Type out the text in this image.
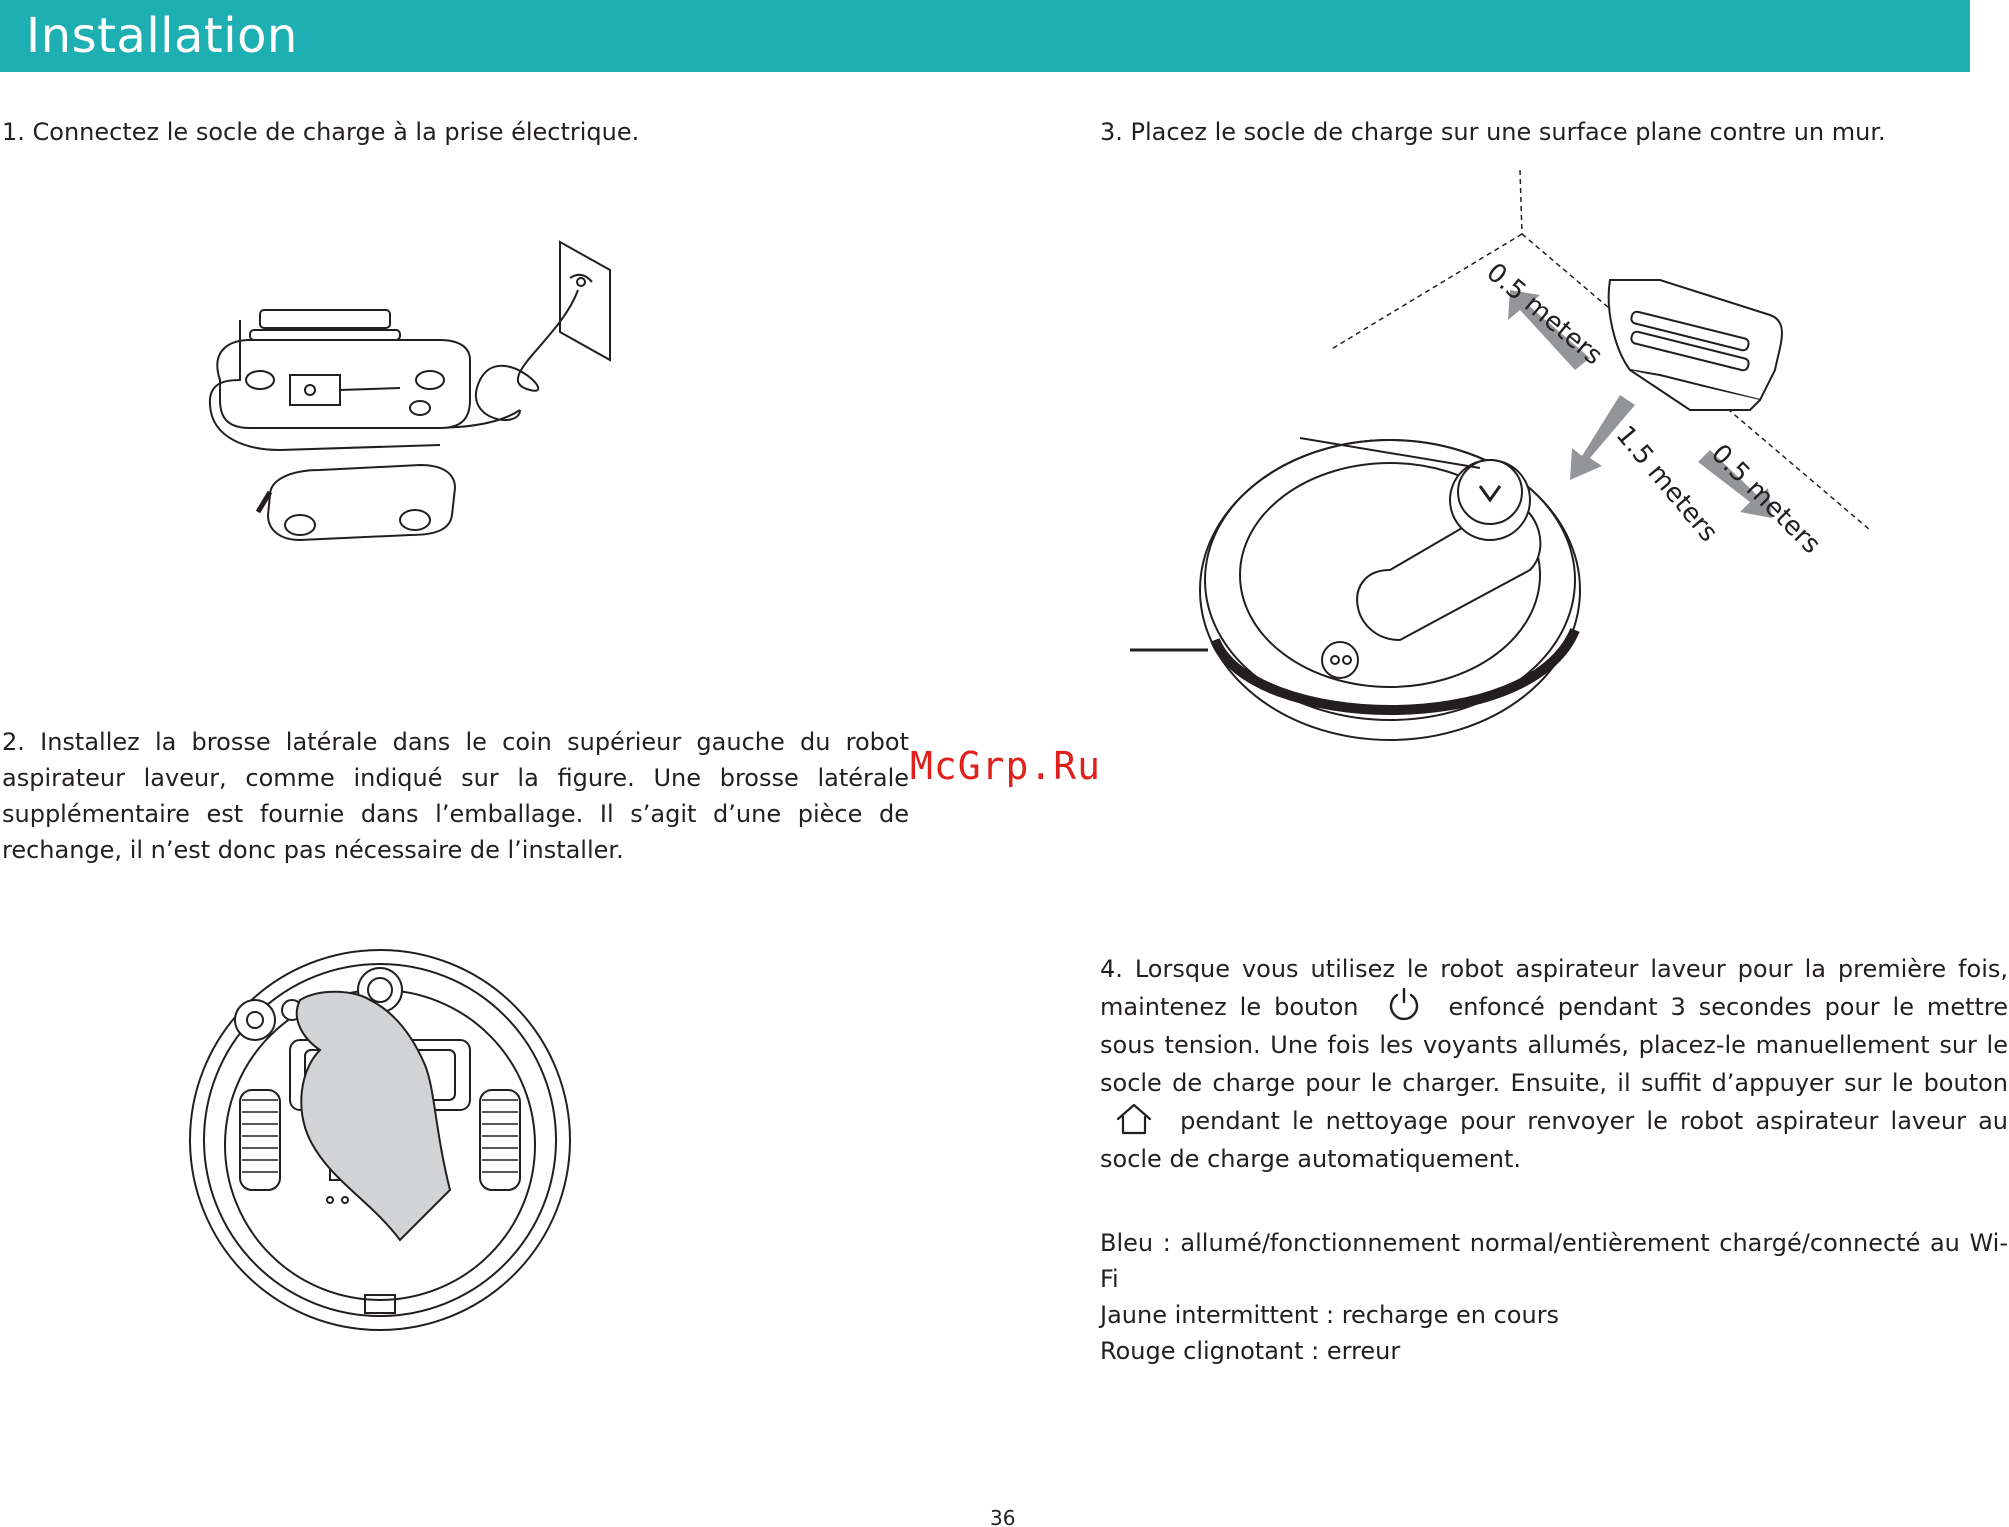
Installation
1. Connectez le socle de charge à la prise électrique.	3. Placez le socle de charge sur une surface plane contre un mur.
2. Installez la brosse latérale dans le coin supérieur gauche du robot aspirateur laveur, comme indiqué sur la figure. Une brosse latérale supplémentaire est fournie dans l’emballage. Il s’agit d’une pièce de rechange, il n’est donc pas nécessaire de l’installer.
4. Lorsque vous utilisez le robot aspirateur laveur pour la première fois, maintenez le bouton	enfoncé pendant 3 secondes pour le mettre sous tension. Une fois les voyants allumés, placez-le manuellement sur le socle de charge pour le charger. Ensuite, il suffit d’appuyer sur le bouton  pendant le nettoyage pour renvoyer le robot aspirateur laveur au socle de charge automatiquement.
Bleu : allumé/fonctionnement normal/entièrement chargé/connecté au Wi-Fi
Jaune intermittent : recharge en cours
Rouge clignotant : erreur
McGrp.Ru
36
0.5 meters
1.5 meters
0.5 meters
